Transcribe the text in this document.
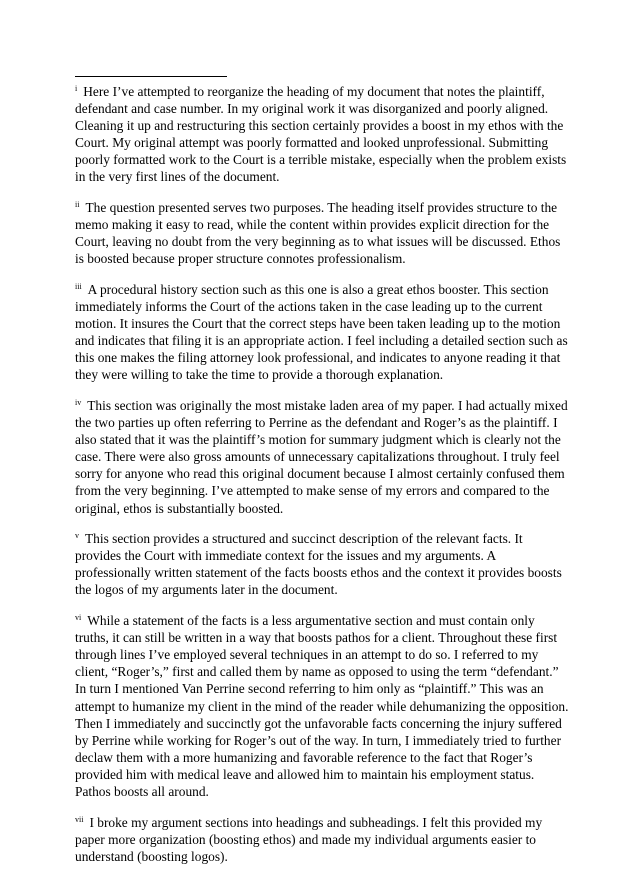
$^i$ Here I’ve attempted to reorganize the heading of my document that notes the plaintiff, defendant and case number. In my original work it was disorganized and poorly aligned. Cleaning it up and restructuring this section certainly provides a boost in my ethos with the Court. My original attempt was poorly formatted and looked unprofessional. Submitting poorly formatted work to the Court is a terrible mistake, especially when the problem exists in the very first lines of the document.

$^{ii}$ The question presented serves two purposes. The heading itself provides structure to the memo making it easy to read, while the content within provides explicit direction for the Court, leaving no doubt from the very beginning as to what issues will be discussed. Ethos is boosted because proper structure connotes professionalism.

$^{iii}$ A procedural history section such as this one is also a great ethos booster. This section immediately informs the Court of the actions taken in the case leading up to the current motion. It insures the Court that the correct steps have been taken leading up to the motion and indicates that filing it is an appropriate action. I feel including a detailed section such as this one makes the filing attorney look professional, and indicates to anyone reading it that they were willing to take the time to provide a thorough explanation.

$^{iv}$ This section was originally the most mistake laden area of my paper. I had actually mixed the two parties up often referring to Perrine as the defendant and Roger’s as the plaintiff. I also stated that it was the plaintiff’s motion for summary judgment which is clearly not the case. There were also gross amounts of unnecessary capitalizations throughout. I truly feel sorry for anyone who read this original document because I almost certainly confused them from the very beginning. I’ve attempted to make sense of my errors and compared to the original, ethos is substantially boosted.

$^v$ This section provides a structured and succinct description of the relevant facts. It provides the Court with immediate context for the issues and my arguments. A professionally written statement of the facts boosts ethos and the context it provides boosts the logos of my arguments later in the document.

$^{vi}$ While a statement of the facts is a less argumentative section and must contain only truths, it can still be written in a way that boosts pathos for a client. Throughout these first through lines I’ve employed several techniques in an attempt to do so. I referred to my client, “Roger’s,” first and called them by name as opposed to using the term “defendant.” In turn I mentioned Van Perrine second referring to him only as “plaintiff.” This was an attempt to humanize my client in the mind of the reader while dehumanizing the opposition. Then I immediately and succinctly got the unfavorable facts concerning the injury suffered by Perrine while working for Roger’s out of the way. In turn, I immediately tried to further declaw them with a more humanizing and favorable reference to the fact that Roger’s provided him with medical leave and allowed him to maintain his employment status. Pathos boosts all around.

$^{vii}$ I broke my argument sections into headings and subheadings. I felt this provided my paper more organization (boosting ethos) and made my individual arguments easier to understand (boosting logos).
